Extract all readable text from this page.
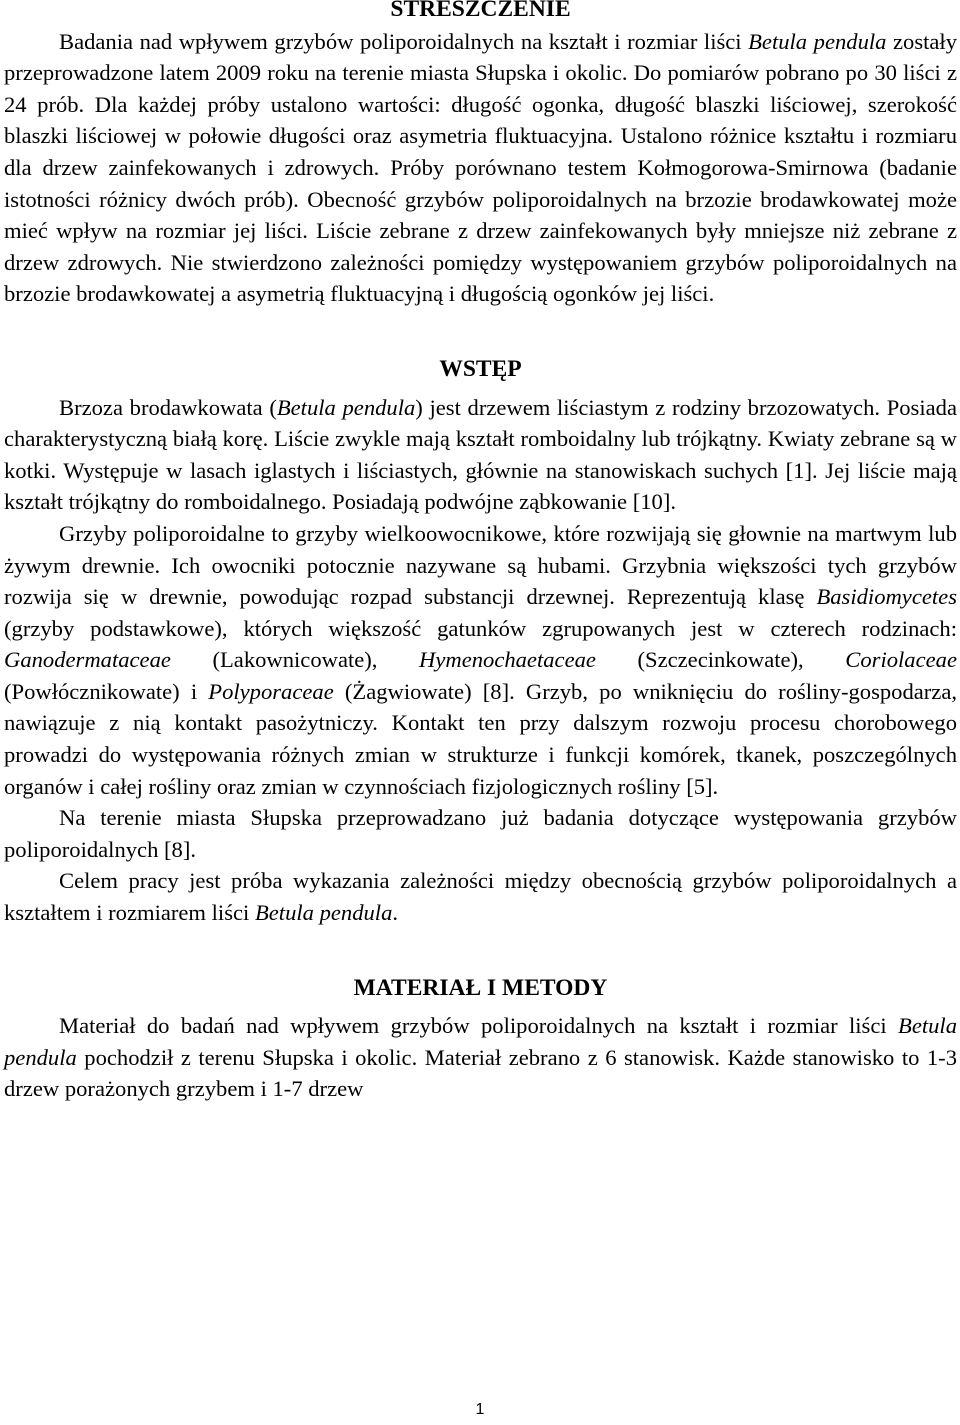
STRESZCZENIE

Badania nad wpływem grzybów poliporoidalnych na kształt i rozmiar liści Betula pendula zostały przeprowadzone latem 2009 roku na terenie miasta Słupska i okolic. Do pomiarów pobrano po 30 liści z 24 prób. Dla każdej próby ustalono wartości: długość ogonka, długość blaszki liściowej, szerokość blaszki liściowej w połowie długości oraz asymetria fluktuacyjna. Ustalono różnice kształtu i rozmiaru dla drzew zainfekowanych i zdrowych. Próby porównano testem Kołmogorowa-Smirnowa (badanie istotności różnicy dwóch prób). Obecność grzybów poliporoidalnych na brzozie brodawkowatej może mieć wpływ na rozmiar jej liści. Liście zebrane z drzew zainfekowanych były mniejsze niż zebrane z drzew zdrowych. Nie stwierdzono zależności pomiędzy występowaniem grzybów poliporoidalnych na brzozie brodawkowatej a asymetrią fluktuacyjną i długością ogonków jej liści.

WSTĘP

Brzoza brodawkowata (Betula pendula) jest drzewem liściastym z rodziny brzozowatych. Posiada charakterystyczną białą korę. Liście zwykle mają kształt romboidalny lub trójkątny. Kwiaty zebrane są w kotki. Występuje w lasach iglastych i liściastych, głównie na stanowiskach suchych [1]. Jej liście mają kształt trójkątny do romboidalnego. Posiadają podwójne ząbkowanie [10].

Grzyby poliporoidalne to grzyby wielkoowocnikowe, które rozwijają się głownie na martwym lub żywym drewnie. Ich owocniki potocznie nazywane są hubami. Grzybnia większości tych grzybów rozwija się w drewnie, powodując rozpad substancji drzewnej. Reprezentują klasę Basidiomycetes (grzyby podstawkowe), których większość gatunków zgrupowanych jest w czterech rodzinach: Ganodermataceae (Lakownicowate), Hymenochaetaceae (Szczecinkowate), Coriolaceae (Powłócznikowate) i Polyporaceae (Żagwiowate) [8]. Grzyb, po wniknięciu do rośliny-gospodarza, nawiązuje z nią kontakt pasożytniczy. Kontakt ten przy dalszym rozwoju procesu chorobowego prowadzi do występowania różnych zmian w strukturze i funkcji komórek, tkanek, poszczególnych organów i całej rośliny oraz zmian w czynnościach fizjologicznych rośliny [5].

Na terenie miasta Słupska przeprowadzano już badania dotyczące występowania grzybów poliporoidalnych [8].

Celem pracy jest próba wykazania zależności między obecnością grzybów poliporoidalnych a kształtem i rozmiarem liści Betula pendula.

MATERIAŁ I METODY

Materiał do badań nad wpływem grzybów poliporoidalnych na kształt i rozmiar liści Betula pendula pochodził z terenu Słupska i okolic. Materiał zebrano z 6 stanowisk. Każde stanowisko to 1-3 drzew porażonych grzybem i 1-7 drzew

1
